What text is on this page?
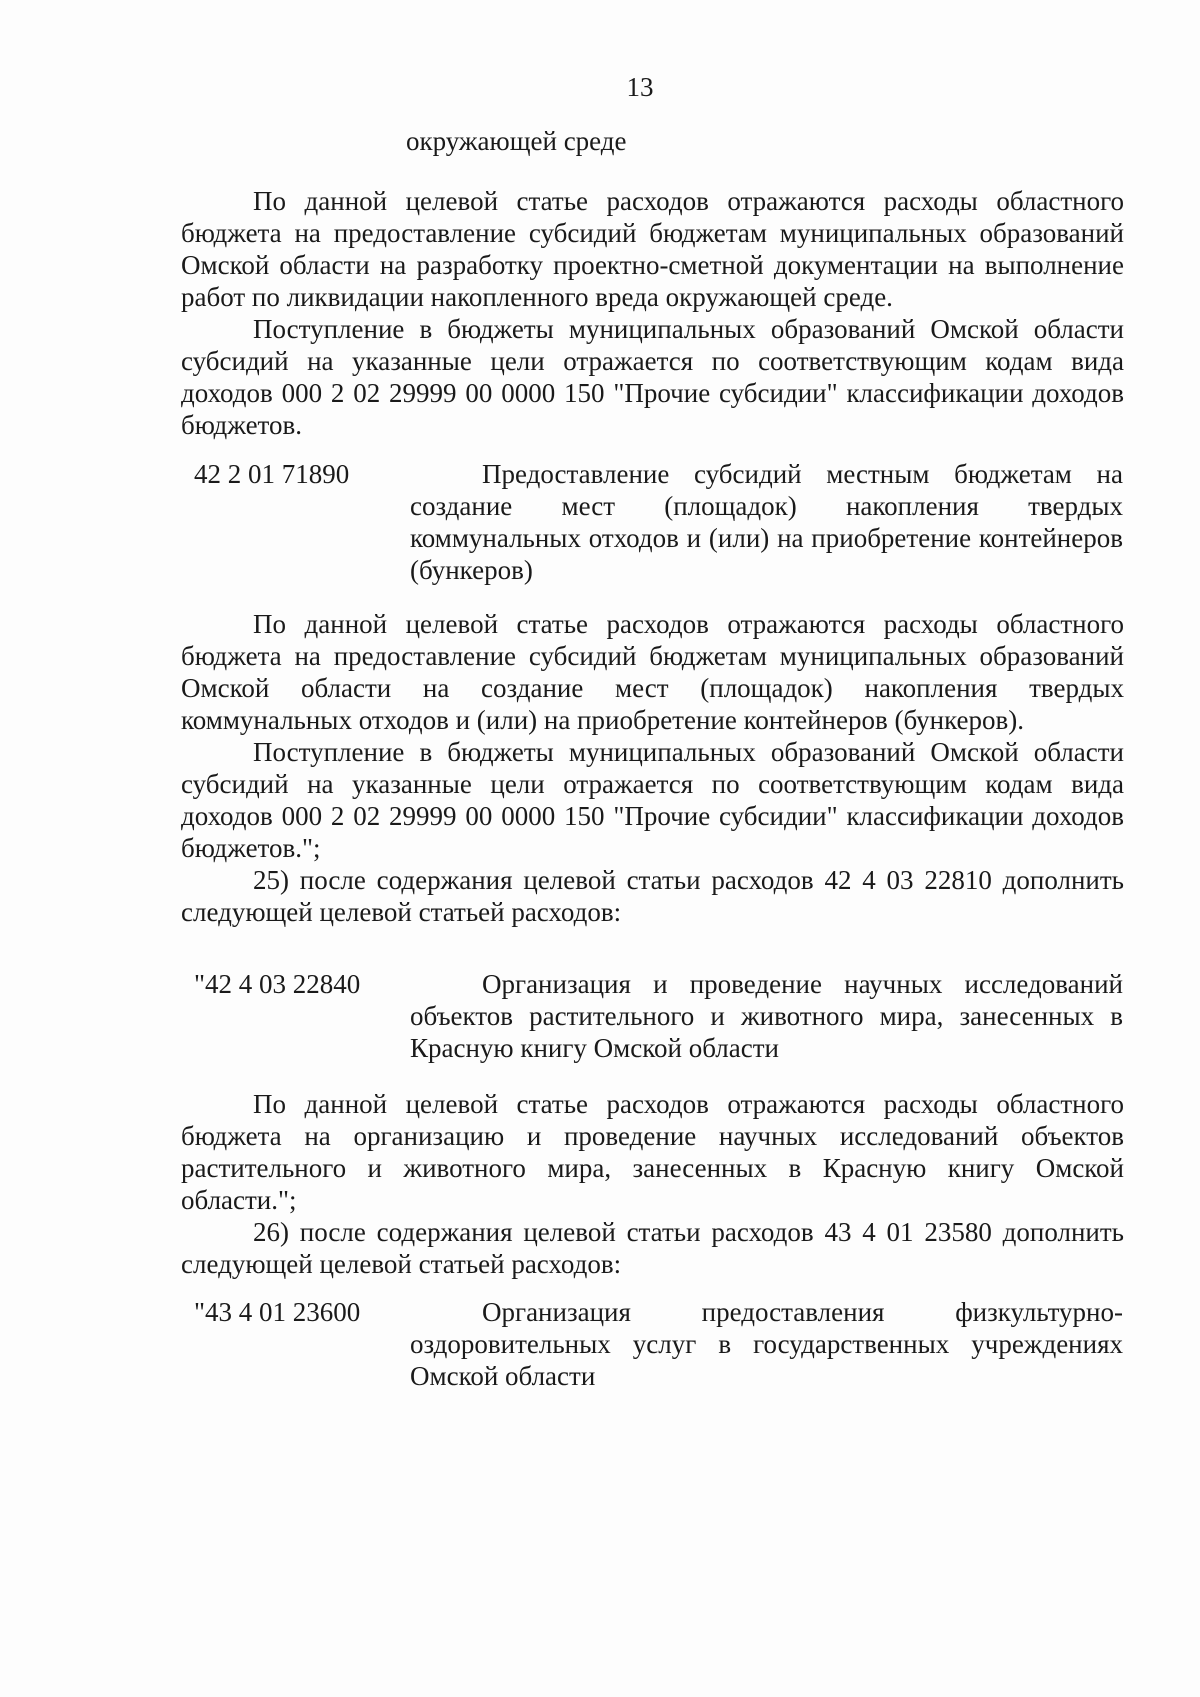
13
окружающей среде

По данной целевой статье расходов отражаются расходы областного бюджета на предоставление субсидий бюджетам муниципальных образований Омской области на разработку проектно-сметной документации на выполнение работ по ликвидации накопленного вреда окружающей среде.

Поступление в бюджеты муниципальных образований Омской области субсидий на указанные цели отражается по соответствующим кодам вида доходов 000 2 02 29999 00 0000 150 "Прочие субсидии" классификации доходов бюджетов.

42 2 01 71890	Предоставление субсидий местным бюджетам на создание мест (площадок) накопления твердых коммунальных отходов и (или) на приобретение контейнеров (бункеров)

По данной целевой статье расходов отражаются расходы областного бюджета на предоставление субсидий бюджетам муниципальных образований Омской области на создание мест (площадок) накопления твердых коммунальных отходов и (или) на приобретение контейнеров (бункеров).

Поступление в бюджеты муниципальных образований Омской области субсидий на указанные цели отражается по соответствующим кодам вида доходов 000 2 02 29999 00 0000 150 "Прочие субсидии" классификации доходов бюджетов.";

25) после содержания целевой статьи расходов 42 4 03 22810 дополнить следующей целевой статьей расходов:

"42 4 03 22840	Организация и проведение научных исследований объектов растительного и животного мира, занесенных в Красную книгу Омской области

По данной целевой статье расходов отражаются расходы областного бюджета на организацию и проведение научных исследований объектов растительного и животного мира, занесенных в Красную книгу Омской области.";

26) после содержания целевой статьи расходов 43 4 01 23580 дополнить следующей целевой статьей расходов:

"43 4 01 23600	Организация предоставления физкультурно-оздоровительных услуг в государственных учреждениях Омской области
